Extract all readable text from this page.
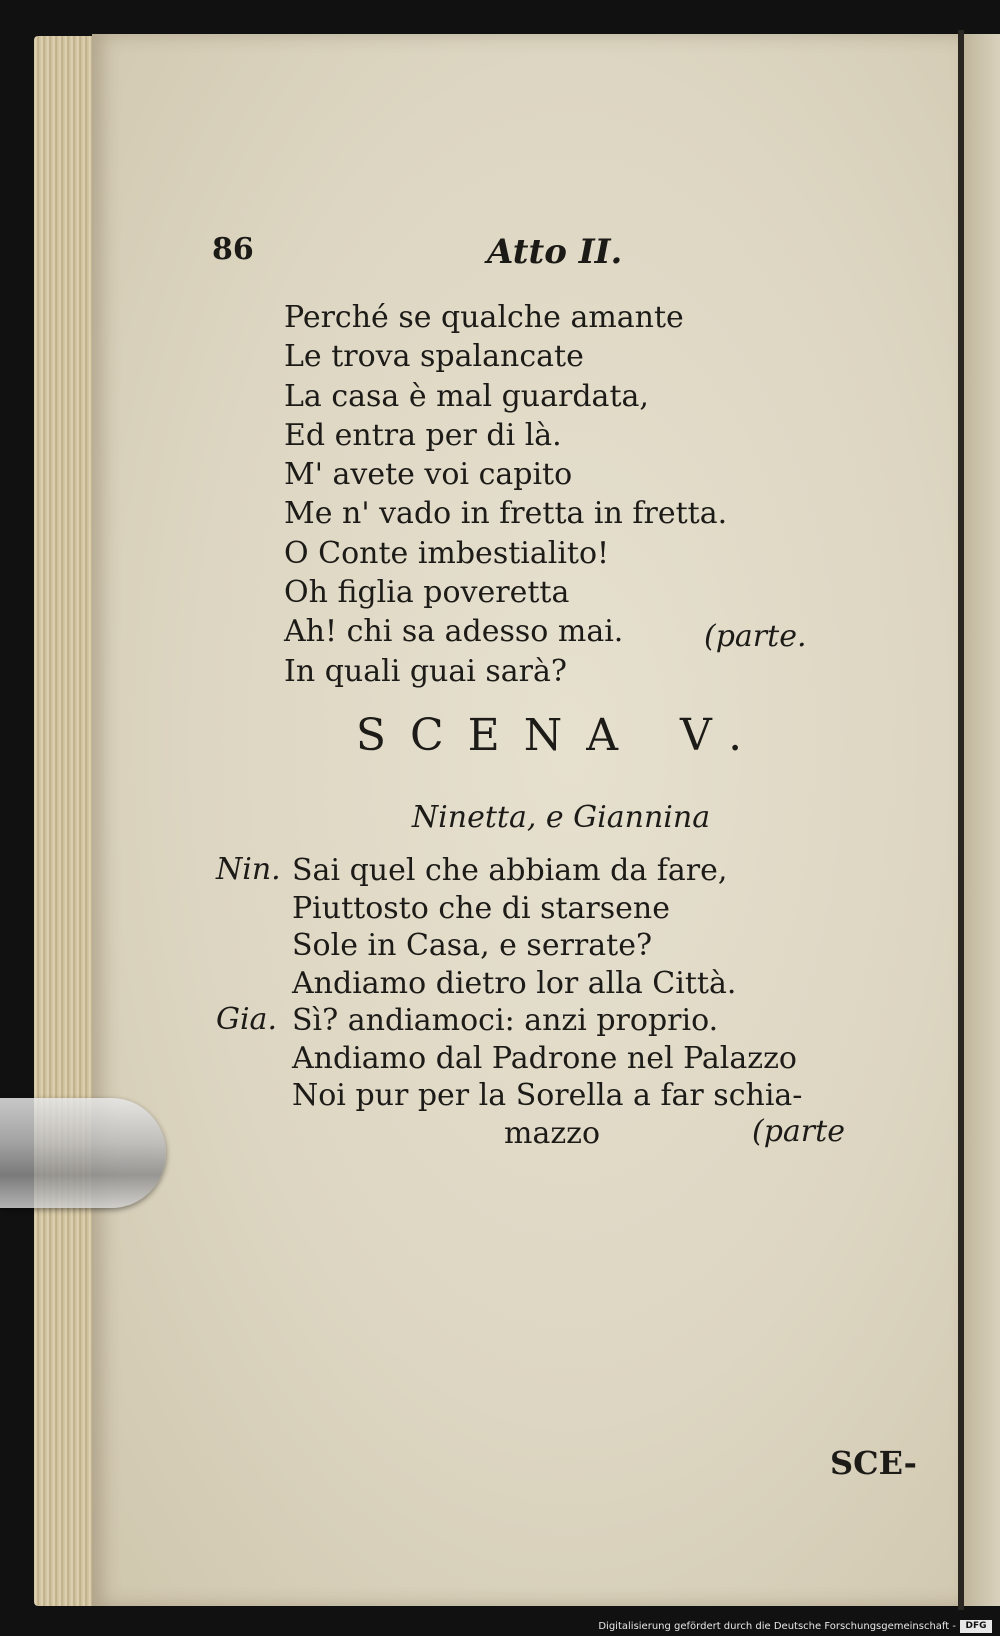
86	Atto II.
Perché se qualche amante
Le trova spalancate
La casa è mal guardata,
Ed entra per di là.
M' avete voi capito
Me n' vado in fretta in fretta.
O Conte imbestialito!
Oh figlia poveretta
Ah! chi sa adesso mai.
In quali guai sarà?
(parte.
SCENA V.
Ninetta, e Giannina
Nin. Sai quel che abbiam da fare,
Piuttosto che di starsene
Sole in Casa, e serrate?
Andiamo dietro lor alla Città.
Gia. Sì? andiamoci: anzi proprio.
Andiamo dal Padrone nel Palazzo
Noi pur per la Sorella a far schia-
mazzo	(parte
SCE-
Digitalisierung gefördert durch die Deutsche Forschungsgemeinschaft -	DFG
